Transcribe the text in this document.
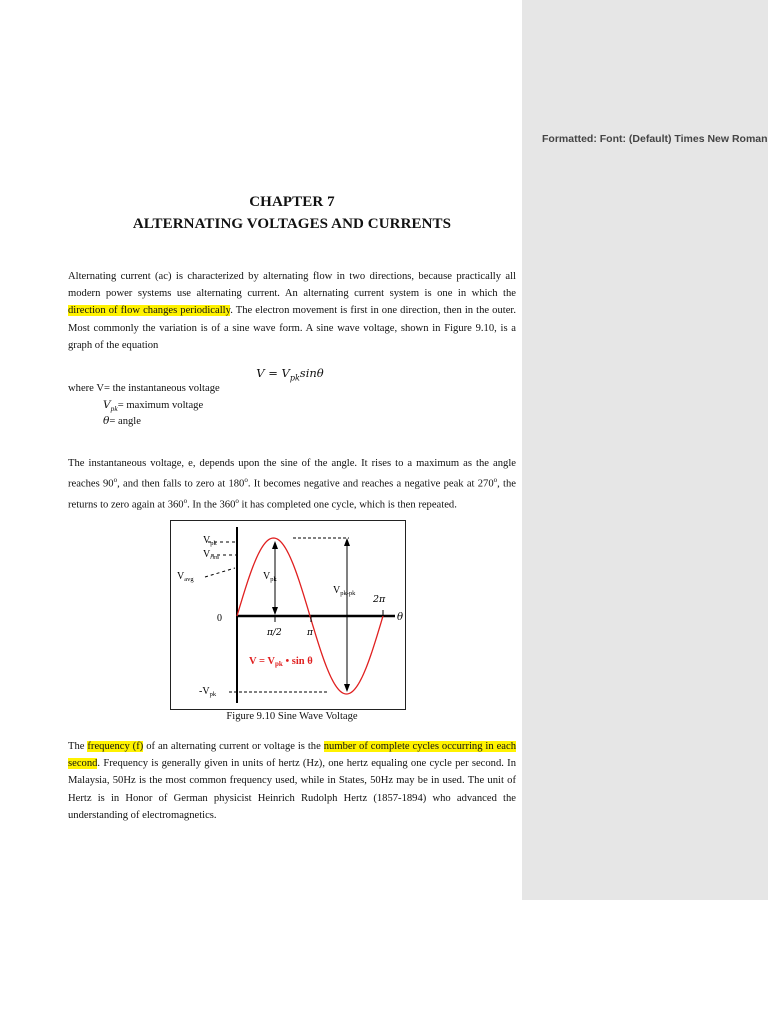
Formatted: Font: (Default) Times New Roman
CHAPTER 7
ALTERNATING VOLTAGES AND CURRENTS
Alternating current (ac) is characterized by alternating flow in two directions, because practically all modern power systems use alternating current. An alternating current system is one in which the direction of flow changes periodically. The electron movement is first in one direction, then in the outer. Most commonly the variation is of a sine wave form. A sine wave voltage, shown in Figure 9.10, is a graph of the equation
$V = V_{pk}\sin\theta$
where V= the instantaneous voltage
$V_{pk}=$ maximum voltage
θ= angle
The instantaneous voltage, e, depends upon the sine of the angle. It rises to a maximum as the angle reaches 90$^o$, and then falls to zero at 180$^o$. It becomes negative and reaches a negative peak at 270$^o$, the returns to zero again at 360$^o$. In the 360$^o$ it has completed one cycle, which is then repeated.
$V_{pk}$
$V_{rms}$
$V_{avg}$	$V_{pk}$
$V_{pk-pk}$
2π
θ
0
π/2	π
V = Vpk • sin θ
$-V_{pk}$
Figure 9.10 Sine Wave Voltage
The frequency (f) of an alternating current or voltage is the number of complete cycles occurring in each second. Frequency is generally given in units of hertz (Hz), one hertz equaling one cycle per second. In Malaysia, 50Hz is the most common frequency used, while in States, 50Hz may be in used. The unit of Hertz is in Honor of German physicist Heinrich Rudolph Hertz (1857-1894) who advanced the understanding of electromagnetics.
